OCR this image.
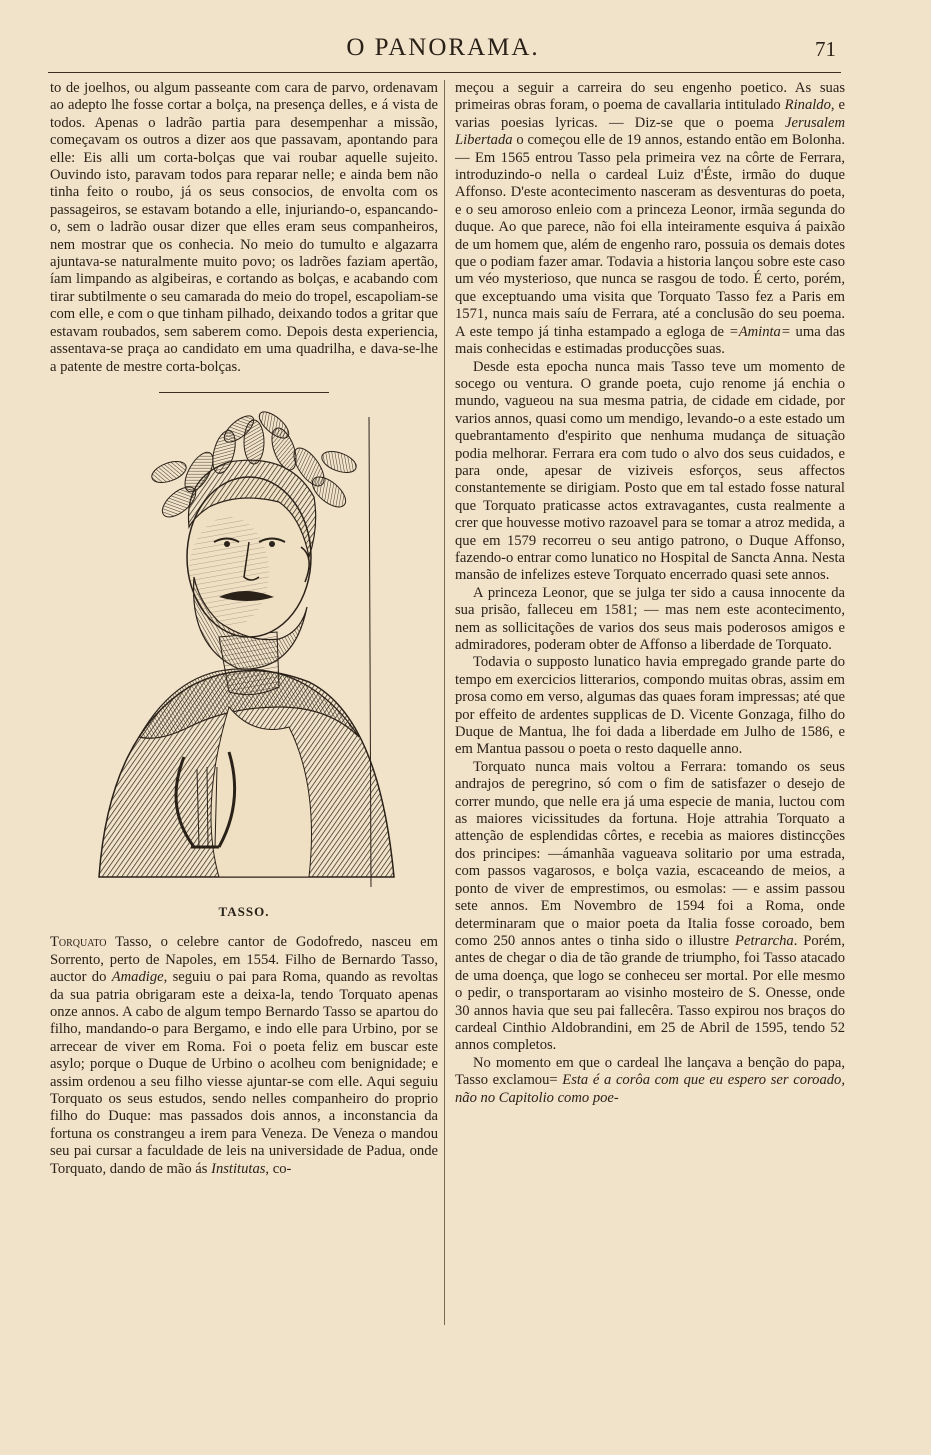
O PANORAMA.	71

to de joelhos, ou algum passeante com cara de parvo, ordenavam ao adepto lhe fosse cortar a bolça, na presença delles, e á vista de todos. Apenas o ladrão partia para desempenhar a missão, começavam os outros a dizer aos que passavam, apontando para elle: Eis alli um corta-bolças que vai roubar aquelle sujeito. Ouvindo isto, paravam todos para reparar nelle; e ainda bem não tinha feito o roubo, já os seus consocios, de envolta com os passageiros, se estavam botando a elle, injuriando-o, espancando-o, sem o ladrão ousar dizer que elles eram seus companheiros, nem mostrar que os conhecia. No meio do tumulto e algazarra ajuntava-se naturalmente muito povo; os ladrões faziam apertão, íam limpando as algibeiras, e cortando as bolças, e acabando com tirar subtilmente o seu camarada do meio do tropel, escapoliam-se com elle, e com o que tinham pilhado, deixando todos a gritar que estavam roubados, sem saberem como. Depois desta experiencia, assentava-se praça ao candidato em uma quadrilha, e dava-se-lhe a patente de mestre corta-bolças.

TASSO.

Torquato Tasso, o celebre cantor de Godofredo, nasceu em Sorrento, perto de Napoles, em 1554. Filho de Bernardo Tasso, auctor do Amadige, seguiu o pai para Roma, quando as revoltas da sua patria obrigaram este a deixa-la, tendo Torquato apenas onze annos. A cabo de algum tempo Bernardo Tasso se apartou do filho, mandando-o para Bergamo, e indo elle para Urbino, por se arrecear de viver em Roma. Foi o poeta feliz em buscar este asylo; porque o Duque de Urbino o acolheu com benignidade; e assim ordenou a seu filho viesse ajuntar-se com elle. Aqui seguiu Torquato os seus estudos, sendo nelles companheiro do proprio filho do Duque: mas passados dois annos, a inconstancia da fortuna os constrangeu a irem para Veneza. De Veneza o mandou seu pai cursar a faculdade de leis na universidade de Padua, onde Torquato, dando de mão ás Institutas, co-

meçou a seguir a carreira do seu engenho poetico. As suas primeiras obras foram, o poema de cavallaria intitulado Rinaldo, e varias poesias lyricas. — Diz-se que o poema Jerusalem Libertada o começou elle de 19 annos, estando então em Bolonha. — Em 1565 entrou Tasso pela primeira vez na côrte de Ferrara, introduzindo-o nella o cardeal Luiz d'Éste, irmão do duque Affonso. D'este acontecimento nasceram as desventuras do poeta, e o seu amoroso enleio com a princeza Leonor, irmãa segunda do duque. Ao que parece, não foi ella inteiramente esquiva á paixão de um homem que, além de engenho raro, possuia os demais dotes que o podiam fazer amar. Todavia a historia lançou sobre este caso um véo mysterioso, que nunca se rasgou de todo. É certo, porém, que exceptuando uma visita que Torquato Tasso fez a Paris em 1571, nunca mais saíu de Ferrara, até a conclusão do seu poema. A este tempo já tinha estampado a egloga de =Aminta= uma das mais conhecidas e estimadas producções suas.

Desde esta epocha nunca mais Tasso teve um momento de socego ou ventura. O grande poeta, cujo renome já enchia o mundo, vagueou na sua mesma patria, de cidade em cidade, por varios annos, quasi como um mendigo, levando-o a este estado um quebrantamento d'espirito que nenhuma mudança de situação podia melhorar. Ferrara era com tudo o alvo dos seus cuidados, e para onde, apesar de viziveis esforços, seus affectos constantemente se dirigiam. Posto que em tal estado fosse natural que Torquato praticasse actos extravagantes, custa realmente a crer que houvesse motivo razoavel para se tomar a atroz medida, a que em 1579 recorreu o seu antigo patrono, o Duque Affonso, fazendo-o entrar como lunatico no Hospital de Sancta Anna. Nesta mansão de infelizes esteve Torquato encerrado quasi sete annos.

A princeza Leonor, que se julga ter sido a causa innocente da sua prisão, falleceu em 1581; — mas nem este acontecimento, nem as sollicitações de varios dos seus mais poderosos amigos e admiradores, poderam obter de Affonso a liberdade de Torquato.

Todavia o supposto lunatico havia empregado grande parte do tempo em exercicios litterarios, compondo muitas obras, assim em prosa como em verso, algumas das quaes foram impressas; até que por effeito de ardentes supplicas de D. Vicente Gonzaga, filho do Duque de Mantua, lhe foi dada a liberdade em Julho de 1586, e em Mantua passou o poeta o resto daquelle anno.

Torquato nunca mais voltou a Ferrara: tomando os seus andrajos de peregrino, só com o fim de satisfazer o desejo de correr mundo, que nelle era já uma especie de mania, luctou com as maiores vicissitudes da fortuna. Hoje attrahia Torquato a attenção de esplendidas côrtes, e recebia as maiores distincções dos principes: —ámanhãa vagueava solitario por uma estrada, com passos vagarosos, e bolça vazia, escaceando de meios, a ponto de viver de emprestimos, ou esmolas: — e assim passou sete annos. Em Novembro de 1594 foi a Roma, onde determinaram que o maior poeta da Italia fosse coroado, bem como 250 annos antes o tinha sido o illustre Petrarcha. Porém, antes de chegar o dia de tão grande de triumpho, foi Tasso atacado de uma doença, que logo se conheceu ser mortal. Por elle mesmo o pedir, o transportaram ao visinho mosteiro de S. Onesse, onde 30 annos havia que seu pai fallecêra. Tasso expirou nos braços do cardeal Cinthio Aldobrandini, em 25 de Abril de 1595, tendo 52 annos completos.

No momento em que o cardeal lhe lançava a benção do papa, Tasso exclamou= Esta é a corôa com que eu espero ser coroado, não no Capitolio como poe-
